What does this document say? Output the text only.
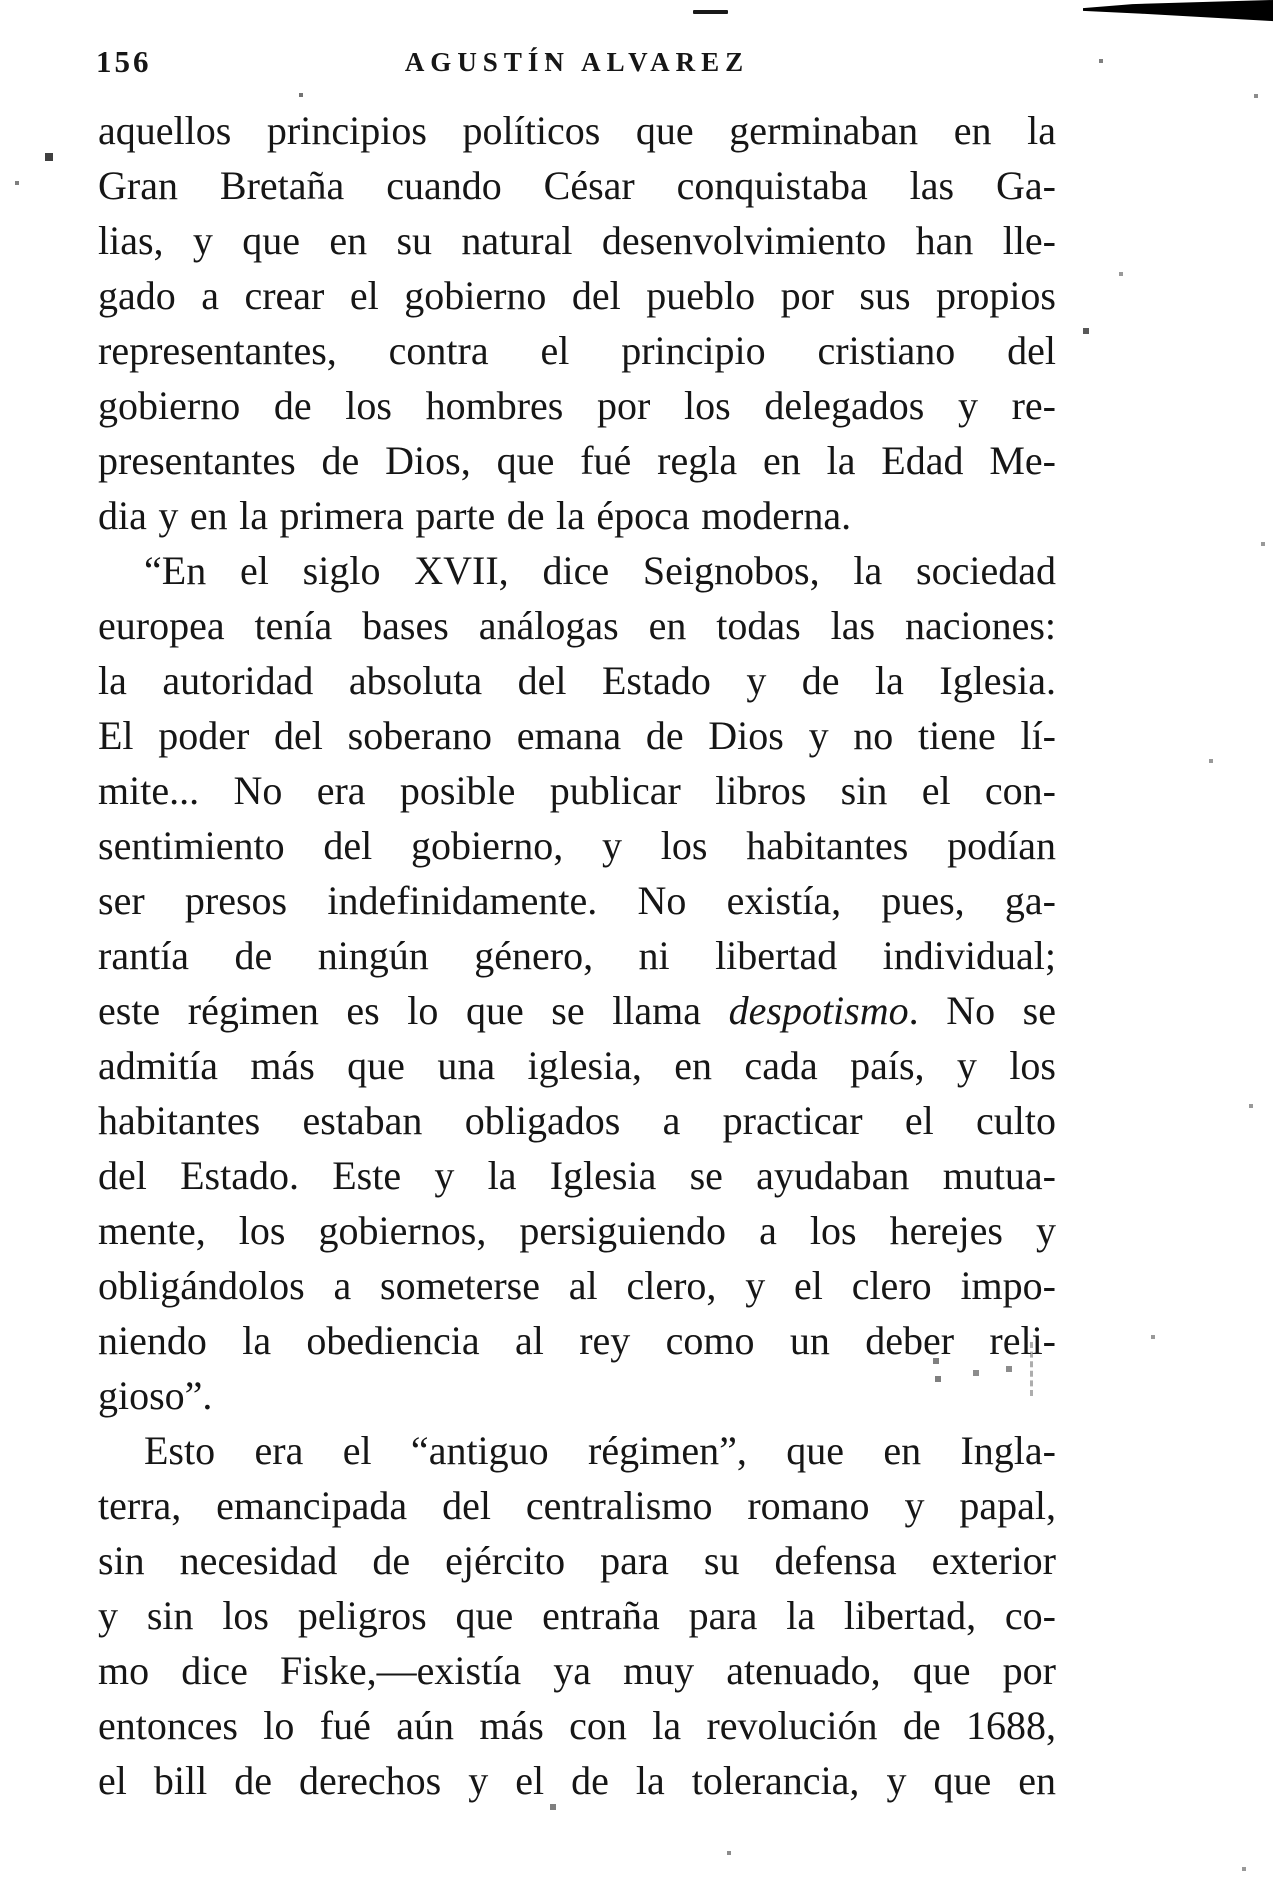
156	AGUSTÍN ALVAREZ
aquellos principios políticos que germinaban en la
Gran Bretaña cuando César conquistaba las Ga-
lias, y que en su natural desenvolvimiento han lle-
gado a crear el gobierno del pueblo por sus propios
representantes, contra el principio cristiano del
gobierno de los hombres por los delegados y re-
presentantes de Dios, que fué regla en la Edad Me-
dia y en la primera parte de la época moderna.
“En el siglo XVII, dice Seignobos, la sociedad
europea tenía bases análogas en todas las naciones:
la autoridad absoluta del Estado y de la Iglesia.
El poder del soberano emana de Dios y no tiene lí-
mite... No era posible publicar libros sin el con-
sentimiento del gobierno, y los habitantes podían
ser presos indefinidamente. No existía, pues, ga-
rantía de ningún género, ni libertad individual;
este régimen es lo que se llama despotismo. No se
admitía más que una iglesia, en cada país, y los
habitantes estaban obligados a practicar el culto
del Estado. Este y la Iglesia se ayudaban mutua-
mente, los gobiernos, persiguiendo a los herejes y
obligándolos a someterse al clero, y el clero impo-
niendo la obediencia al rey como un deber reli-
gioso”.
Esto era el “antiguo régimen”, que en Ingla-
terra, emancipada del centralismo romano y papal,
sin necesidad de ejército para su defensa exterior
y sin los peligros que entraña para la libertad, co-
mo dice Fiske,—existía ya muy atenuado, que por
entonces lo fué aún más con la revolución de 1688,
el bill de derechos y el de la tolerancia, y que en
